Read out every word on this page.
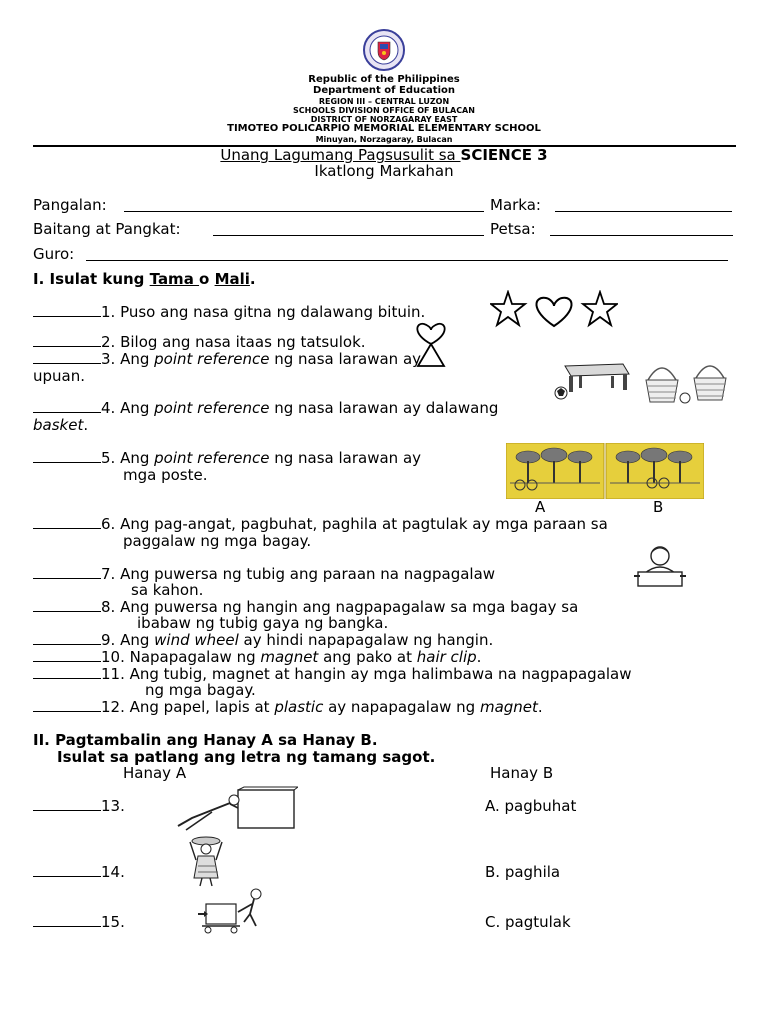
Republic of the Philippines
Department of Education
REGION III – CENTRAL LUZON
SCHOOLS DIVISION OFFICE OF BULACAN
DISTRICT OF NORZAGARAY EAST
TIMOTEO POLICARPIO MEMORIAL ELEMENTARY SCHOOL
Minuyan, Norzagaray, Bulacan
Unang Lagumang Pagsusulit sa SCIENCE 3
Ikatlong Markahan
Pangalan:	Marka:
Baitang at Pangkat:	Petsa:
Guro:
I. Isulat kung Tama o Mali.
1. Puso ang nasa gitna ng dalawang bituin.
2. Bilog ang nasa itaas ng tatsulok.
3. Ang point reference ng nasa larawan ay
upuan.
4. Ang point reference ng nasa larawan ay dalawang
basket.
5. Ang point reference ng nasa larawan ay
mga poste.
A	B
6. Ang pag-angat, pagbuhat, paghila at pagtulak ay mga paraan sa
paggalaw ng mga bagay.
7. Ang puwersa ng tubig ang paraan na nagpagalaw
sa kahon.
8. Ang puwersa ng hangin ang nagpapagalaw sa mga bagay sa
ibabaw ng tubig gaya ng bangka.
9. Ang wind wheel ay hindi napapagalaw ng hangin.
10. Napapagalaw ng magnet ang pako at hair clip.
11. Ang tubig, magnet at hangin ay mga halimbawa na nagpapagalaw
ng mga bagay.
12. Ang papel, lapis at plastic ay napapagalaw ng magnet.
II. Pagtambalin ang Hanay A sa Hanay B.
Isulat sa patlang ang letra ng tamang sagot.
Hanay A	Hanay B
13.	A. pagbuhat
14.	B. paghila
15.	C. pagtulak
